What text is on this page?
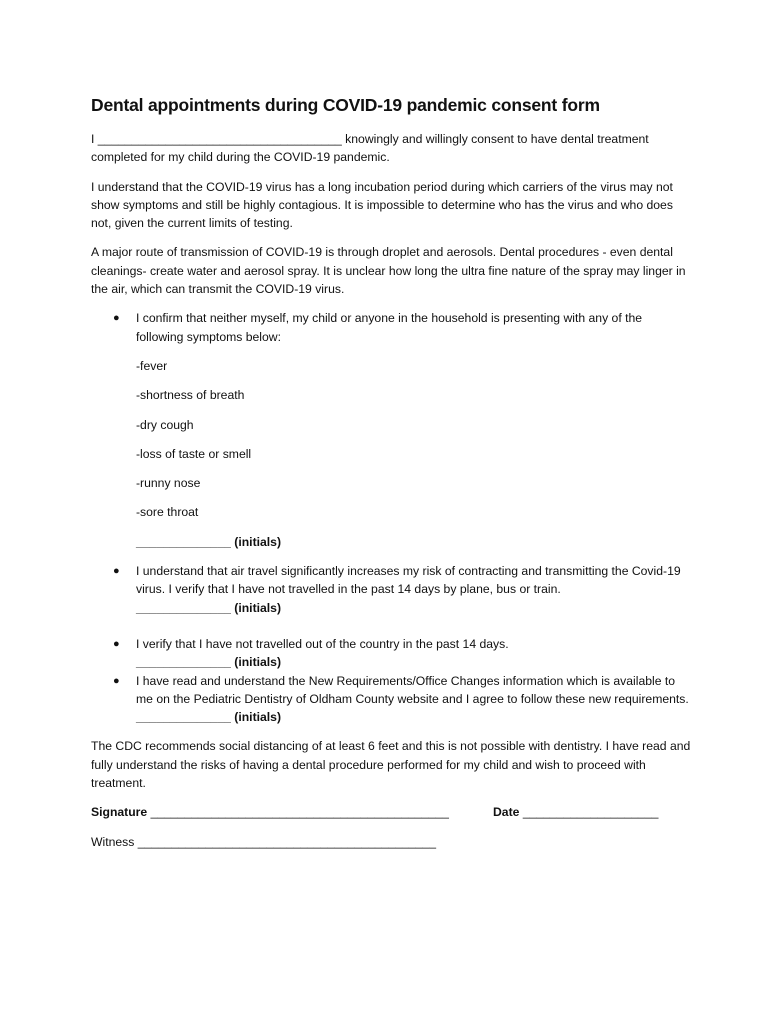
Dental appointments during COVID-19 pandemic consent form

I ____________________________________ knowingly and willingly consent to have dental treatment completed for my child during the COVID-19 pandemic.

I understand that the COVID-19 virus has a long incubation period during which carriers of the virus may not show symptoms and still be highly contagious. It is impossible to determine who has the virus and who does not, given the current limits of testing.

A major route of transmission of COVID-19 is through droplet and aerosols. Dental procedures - even dental cleanings- create water and aerosol spray. It is unclear how long the ultra fine nature of the spray may linger in the air, which can transmit the COVID-19 virus.

● I confirm that neither myself, my child or anyone in the household is presenting with any of the following symptoms below:

-fever

-shortness of breath

-dry cough

-loss of taste or smell

-runny nose

-sore throat

______________ (initials)

● I understand that air travel significantly increases my risk of contracting and transmitting the Covid-19 virus. I verify that I have not travelled in the past 14 days by plane, bus or train.

______________ (initials)

● I verify that I have not travelled out of the country in the past 14 days.
______________ (initials)
● I have read and understand the New Requirements/Office Changes information which is available to me on the Pediatric Dentistry of Oldham County website and I agree to follow these new requirements.

______________ (initials)

The CDC recommends social distancing of at least 6 feet and this is not possible with dentistry. I have read and fully understand the risks of having a dental procedure performed for my child and wish to proceed with treatment.

Signature ____________________________________________	Date ____________________
Witness ____________________________________________
